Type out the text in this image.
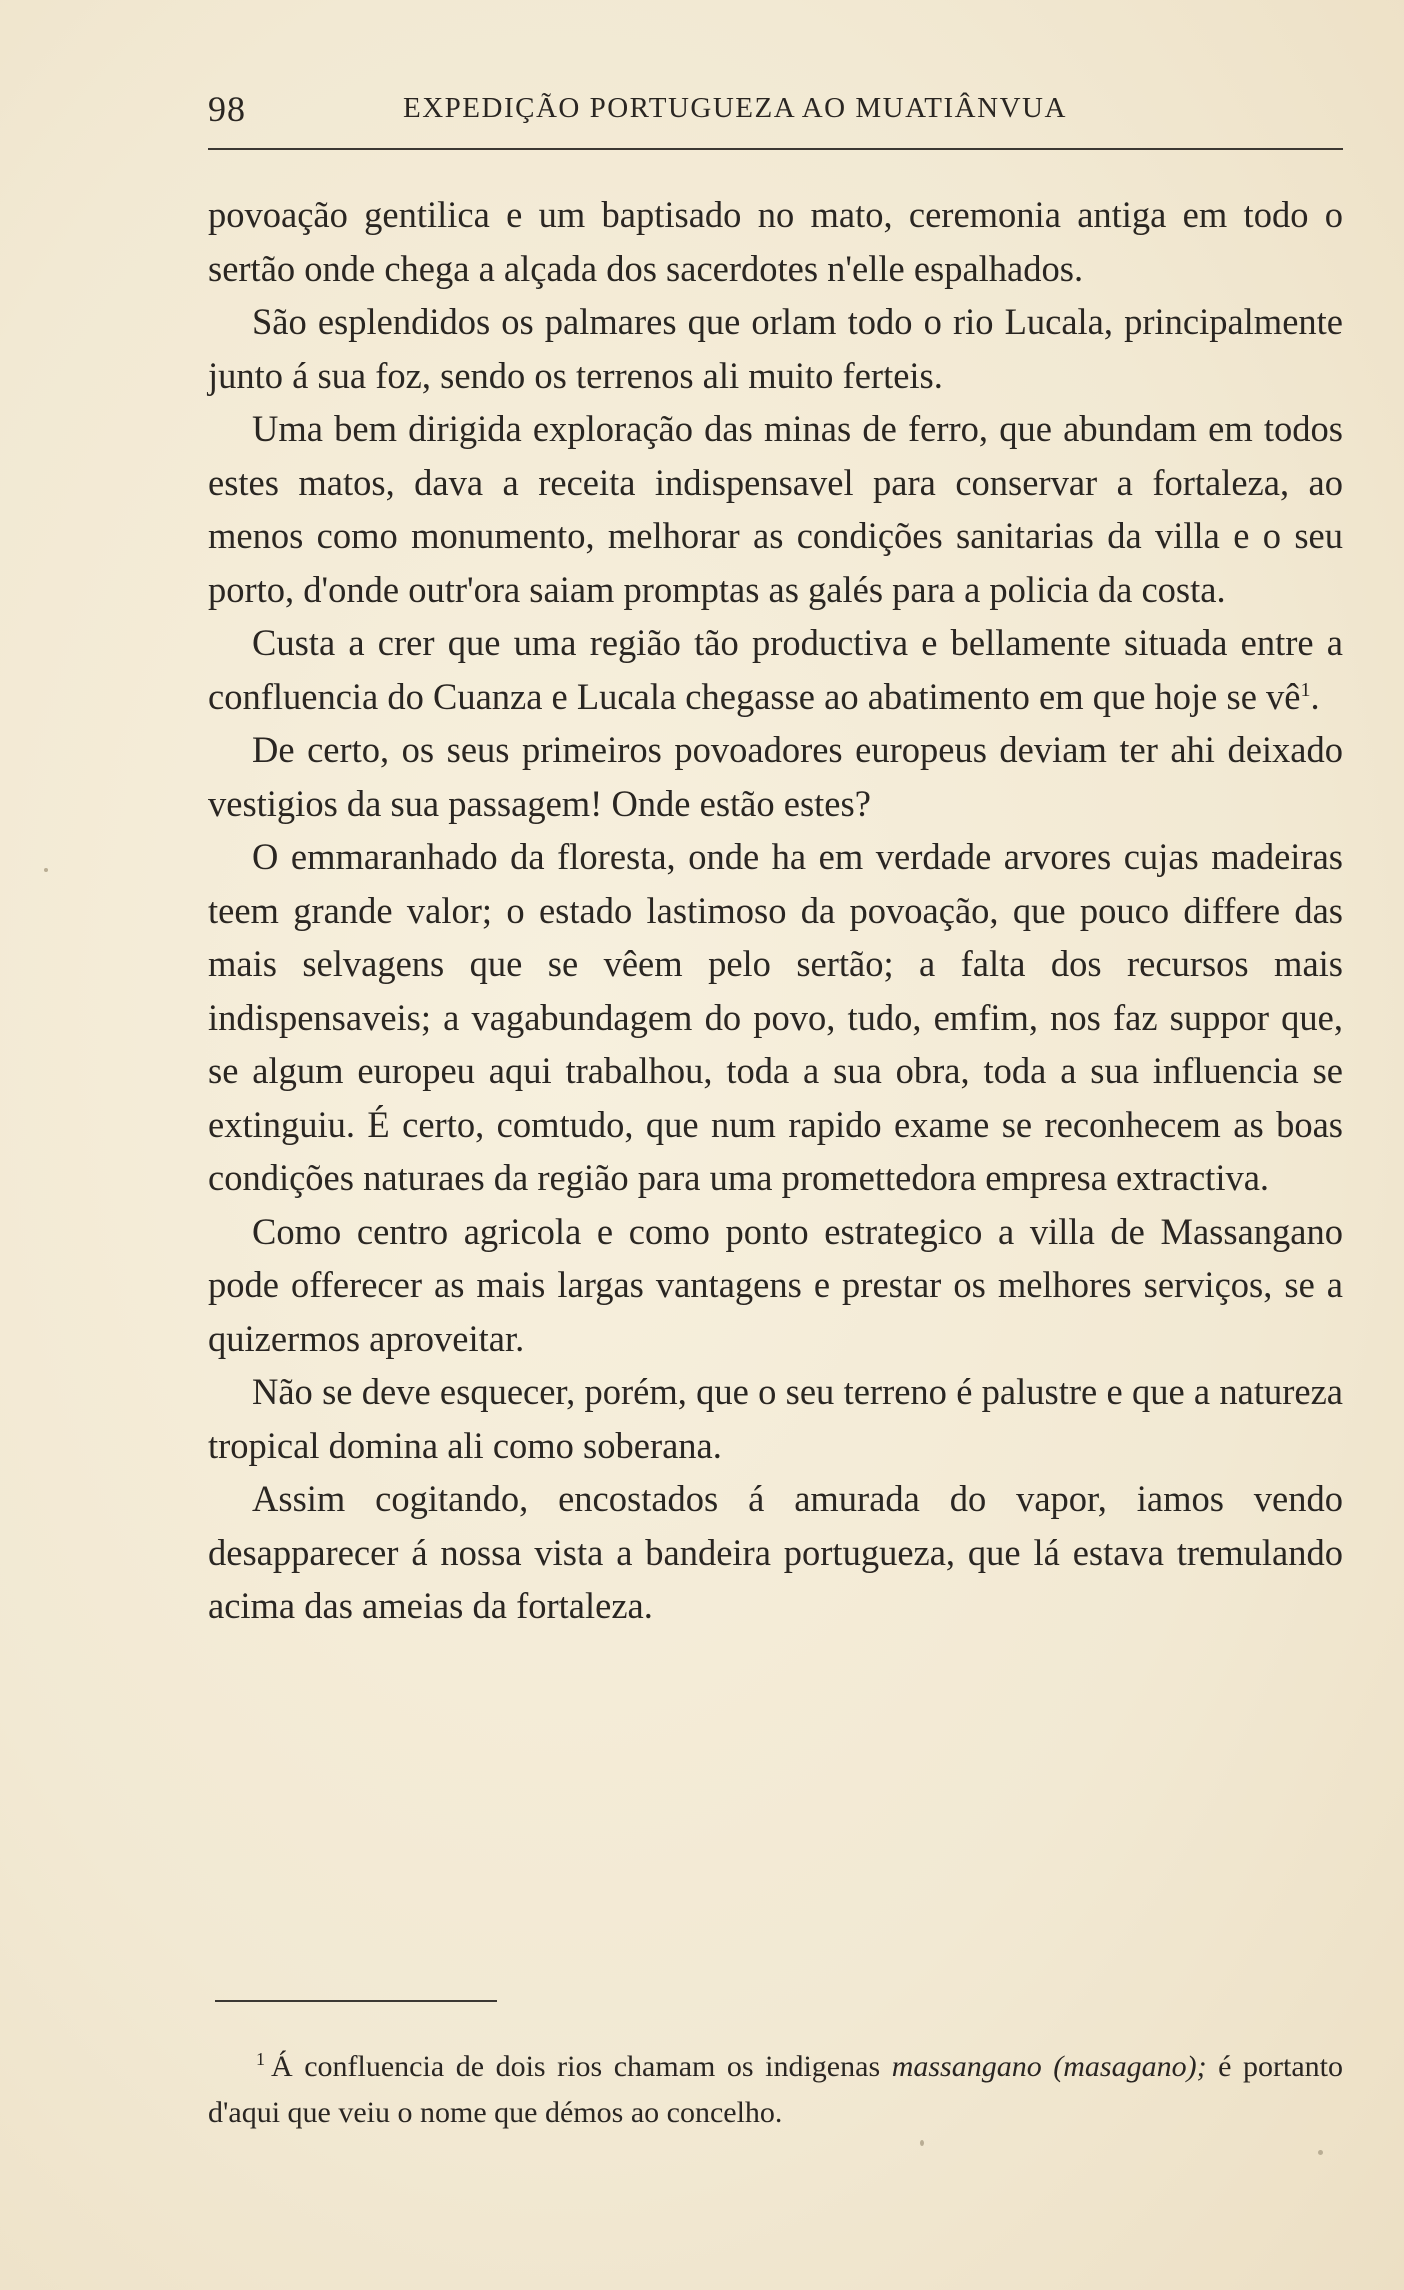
98	EXPEDIÇÃO PORTUGUEZA AO MUATIÂNVUA

povoação gentilica e um baptisado no mato, ceremonia antiga em todo o sertão onde chega a alçada dos sacerdotes n'elle espalhados.

São esplendidos os palmares que orlam todo o rio Lucala, principalmente junto á sua foz, sendo os terrenos ali muito ferteis.

Uma bem dirigida exploração das minas de ferro, que abundam em todos estes matos, dava a receita indispensavel para conservar a fortaleza, ao menos como monumento, melhorar as condições sanitarias da villa e o seu porto, d'onde outr'ora saiam promptas as galés para a policia da costa.

Custa a crer que uma região tão productiva e bellamente situada entre a confluencia do Cuanza e Lucala chegasse ao abatimento em que hoje se $vê^1$.

De certo, os seus primeiros povoadores europeus deviam ter ahi deixado vestigios da sua passagem! Onde estão estes?

O emmaranhado da floresta, onde ha em verdade arvores cujas madeiras teem grande valor; o estado lastimoso da povoação, que pouco differe das mais selvagens que se vêem pelo sertão; a falta dos recursos mais indispensaveis; a vagabundagem do povo, tudo, emfim, nos faz suppor que, se algum europeu aqui trabalhou, toda a sua obra, toda a sua influencia se extinguiu. É certo, comtudo, que num rapido exame se reconhecem as boas condições naturaes da região para uma promettedora empresa extractiva.

Como centro agricola e como ponto estrategico a villa de Massangano pode offerecer as mais largas vantagens e prestar os melhores serviços, se a quizermos aproveitar.

Não se deve esquecer, porém, que o seu terreno é palustre e que a natureza tropical domina ali como soberana.

Assim cogitando, encostados á amurada do vapor, iamos vendo desapparecer á nossa vista a bandeira portugueza, que lá estava tremulando acima das ameias da fortaleza.

$^1$ Á confluencia de dois rios chamam os indigenas massangano (masagano); é portanto d'aqui que veiu o nome que démos ao concelho.
